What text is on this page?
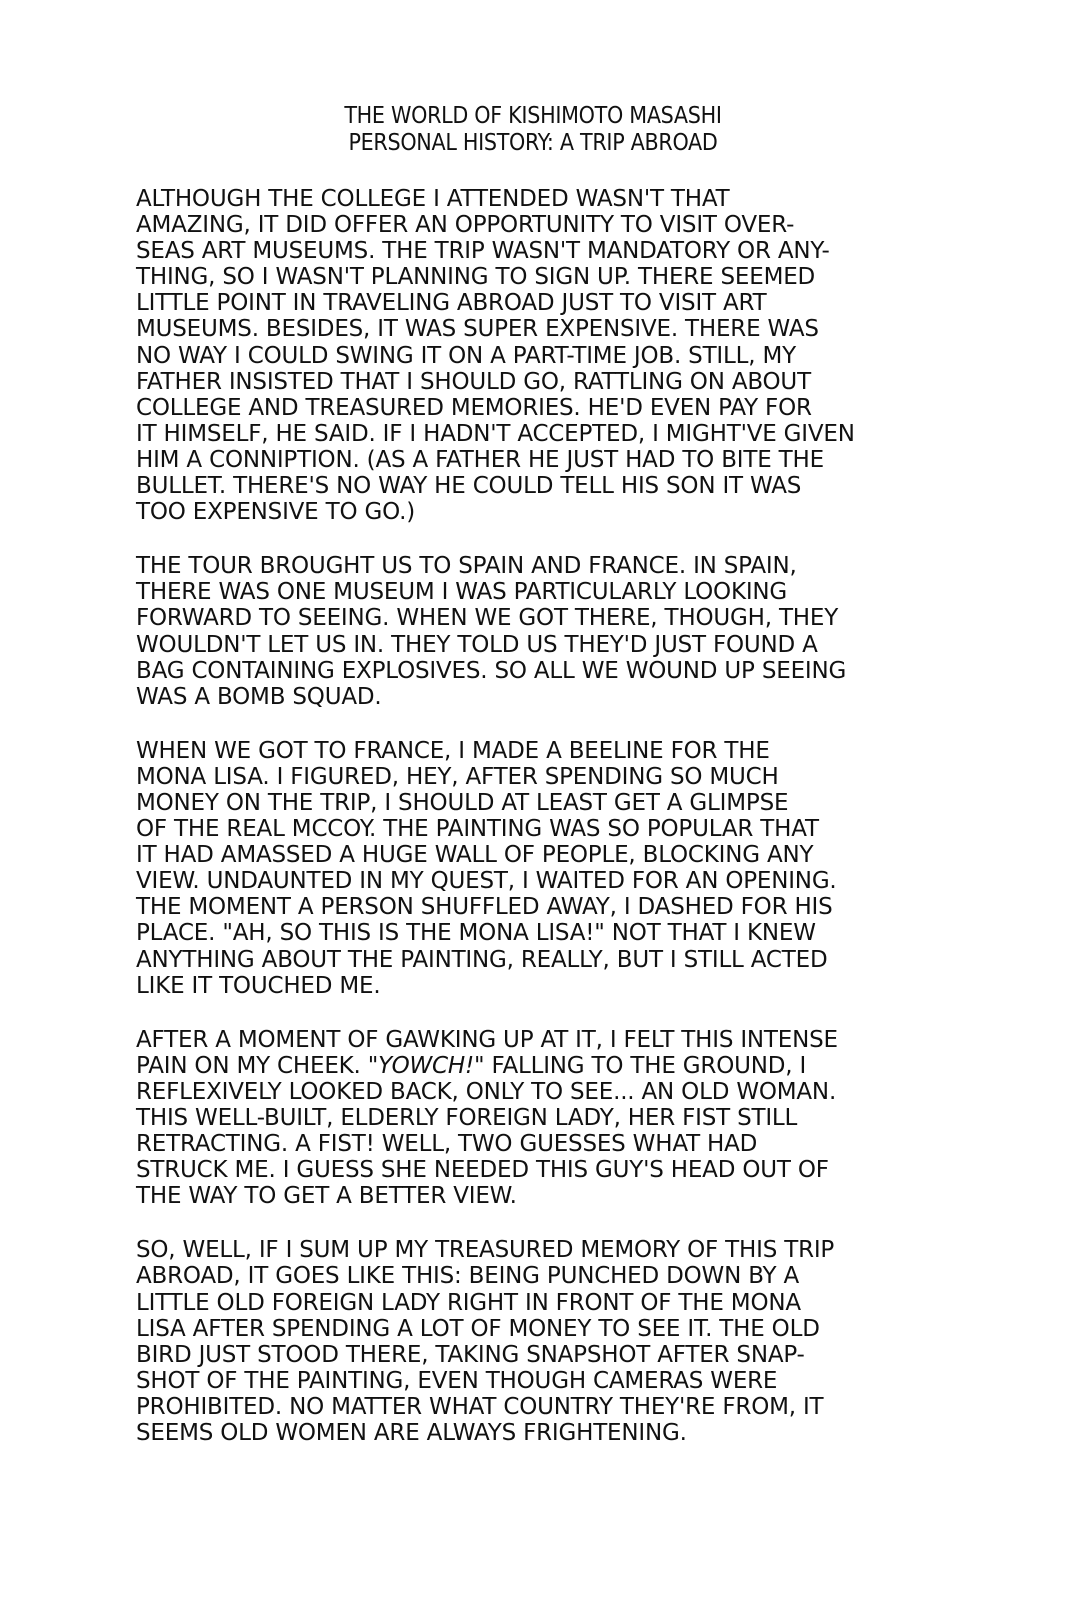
THE WORLD OF KISHIMOTO MASASHI
PERSONAL HISTORY: A TRIP ABROAD

ALTHOUGH THE COLLEGE I ATTENDED WASN'T THAT
AMAZING, IT DID OFFER AN OPPORTUNITY TO VISIT OVER-
SEAS ART MUSEUMS. THE TRIP WASN'T MANDATORY OR ANY-
THING, SO I WASN'T PLANNING TO SIGN UP. THERE SEEMED
LITTLE POINT IN TRAVELING ABROAD JUST TO VISIT ART
MUSEUMS. BESIDES, IT WAS SUPER EXPENSIVE. THERE WAS
NO WAY I COULD SWING IT ON A PART-TIME JOB. STILL, MY
FATHER INSISTED THAT I SHOULD GO, RATTLING ON ABOUT
COLLEGE AND TREASURED MEMORIES. HE'D EVEN PAY FOR
IT HIMSELF, HE SAID. IF I HADN'T ACCEPTED, I MIGHT'VE GIVEN
HIM A CONNIPTION. (AS A FATHER HE JUST HAD TO BITE THE
BULLET. THERE'S NO WAY HE COULD TELL HIS SON IT WAS
TOO EXPENSIVE TO GO.)

THE TOUR BROUGHT US TO SPAIN AND FRANCE. IN SPAIN,
THERE WAS ONE MUSEUM I WAS PARTICULARLY LOOKING
FORWARD TO SEEING. WHEN WE GOT THERE, THOUGH, THEY
WOULDN'T LET US IN. THEY TOLD US THEY'D JUST FOUND A
BAG CONTAINING EXPLOSIVES. SO ALL WE WOUND UP SEEING
WAS A BOMB SQUAD.

WHEN WE GOT TO FRANCE, I MADE A BEELINE FOR THE
MONA LISA. I FIGURED, HEY, AFTER SPENDING SO MUCH
MONEY ON THE TRIP, I SHOULD AT LEAST GET A GLIMPSE
OF THE REAL MCCOY. THE PAINTING WAS SO POPULAR THAT
IT HAD AMASSED A HUGE WALL OF PEOPLE, BLOCKING ANY
VIEW. UNDAUNTED IN MY QUEST, I WAITED FOR AN OPENING.
THE MOMENT A PERSON SHUFFLED AWAY, I DASHED FOR HIS
PLACE. "AH, SO THIS IS THE MONA LISA!" NOT THAT I KNEW
ANYTHING ABOUT THE PAINTING, REALLY, BUT I STILL ACTED
LIKE IT TOUCHED ME.

AFTER A MOMENT OF GAWKING UP AT IT, I FELT THIS INTENSE
PAIN ON MY CHEEK. "YOWCH!" FALLING TO THE GROUND, I
REFLEXIVELY LOOKED BACK, ONLY TO SEE... AN OLD WOMAN.
THIS WELL-BUILT, ELDERLY FOREIGN LADY, HER FIST STILL
RETRACTING. A FIST! WELL, TWO GUESSES WHAT HAD
STRUCK ME. I GUESS SHE NEEDED THIS GUY'S HEAD OUT OF
THE WAY TO GET A BETTER VIEW.

SO, WELL, IF I SUM UP MY TREASURED MEMORY OF THIS TRIP
ABROAD, IT GOES LIKE THIS: BEING PUNCHED DOWN BY A
LITTLE OLD FOREIGN LADY RIGHT IN FRONT OF THE MONA
LISA AFTER SPENDING A LOT OF MONEY TO SEE IT. THE OLD
BIRD JUST STOOD THERE, TAKING SNAPSHOT AFTER SNAP-
SHOT OF THE PAINTING, EVEN THOUGH CAMERAS WERE
PROHIBITED. NO MATTER WHAT COUNTRY THEY'RE FROM, IT
SEEMS OLD WOMEN ARE ALWAYS FRIGHTENING.
